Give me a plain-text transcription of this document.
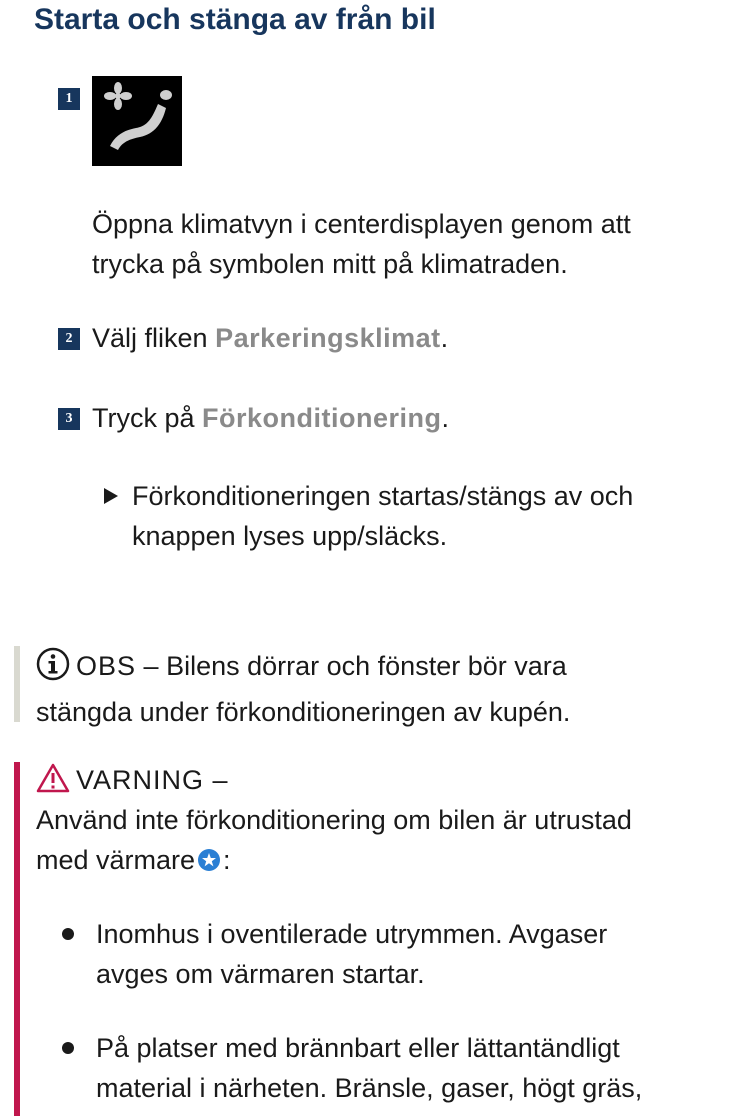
Starta och stänga av från bil
1
Öppna klimatvyn i centerdisplayen genom att
trycka på symbolen mitt på klimatraden.
2 Välj fliken Parkeringsklimat.
3 Tryck på Förkonditionering.
Förkonditioneringen startas/stängs av och
knappen lyses upp/släcks.
OBS – Bilens dörrar och fönster bör vara
stängda under förkonditioneringen av kupén.
VARNING –
Använd inte förkonditionering om bilen är utrustad
med värmare :
Inomhus i oventilerade utrymmen. Avgaser
avges om värmaren startar.
På platser med brännbart eller lättantändligt
material i närheten. Bränsle, gaser, högt gräs,
